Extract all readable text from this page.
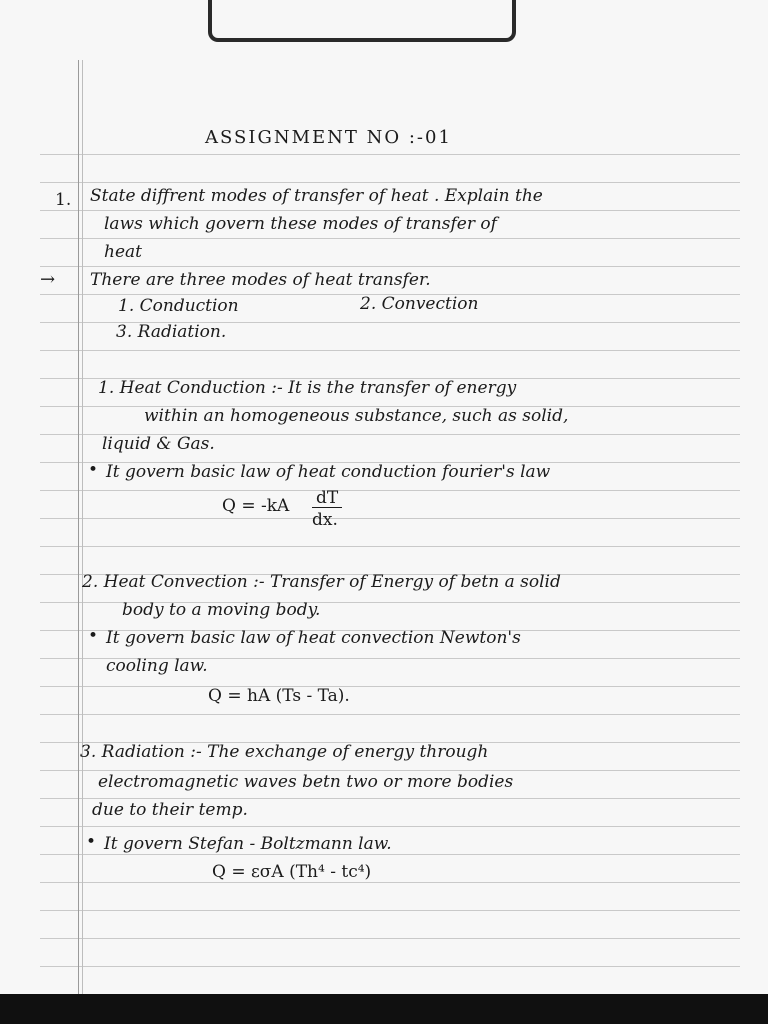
ASSIGNMENT NO :-01
1. State diffrent modes of transfer of heat . Explain the
laws which govern these modes of transfer of
heat
→ There are three modes of heat transfer.
1. Conduction	2. Convection
3. Radiation.
1. Heat Conduction :- It is the transfer of energy
within an homogeneous substance, such as solid,
liquid & Gas.
• It govern basic law of heat conduction fourier's law
Q = -kA dT
dx.
2. Heat Convection :- Transfer of Energy of betn a solid
body to a moving body.
• It govern basic law of heat convection Newton's
cooling law.
Q = hA (Ts - Ta).
3. Radiation :- The exchange of energy through
electromagnetic waves betn two or more bodies
due to their temp.
• It govern Stefan - Boltzmann law.
Q = εσA (Th⁴ - tc⁴)
